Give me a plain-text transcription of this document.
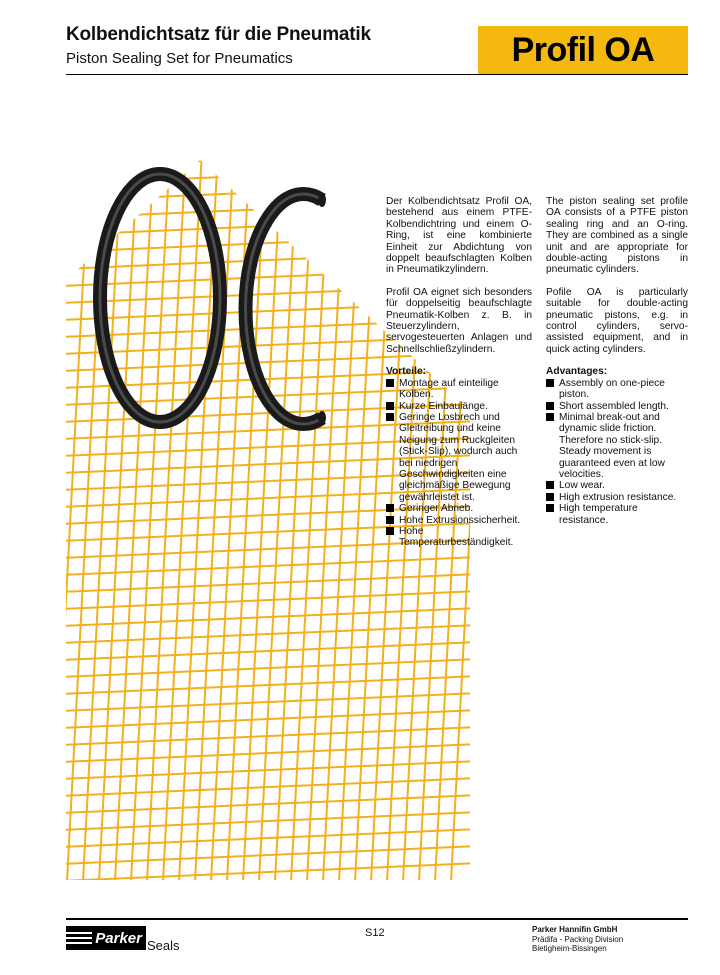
Kolbendichtsatz für die Pneumatik
Piston Sealing Set for Pneumatics	Profil OA

Der Kolbendichtsatz Profil OA, bestehend aus einem PTFE-Kolbendichtring und einem O-Ring, ist eine kombinierte Einheit zur Abdichtung von doppelt beaufschlagten Kolben in Pneumatikzylindern.

Profil OA eignet sich besonders für doppelseitig beaufschlagte Pneumatik-Kolben z. B. in Steuerzylindern, servogesteuerten Anlagen und Schnellschließzylindern.

Vorteile:
Montage auf einteilige Kolben.
Kurze Einbaulänge.
Geringe Losbrech und Gleitreibung und keine Neigung zum Ruckgleiten (Stick-Slip), wodurch auch bei niedrigen Geschwindigkeiten eine gleichmäßige Bewegung gewährleistet ist.
Geringer Abrieb.
Hohe Extrusionssicherheit.
Hohe Temperaturbeständigkeit.

The piston sealing set profile OA consists of a PTFE piston sealing ring and an O-ring. They are combined as a single unit and are appropriate for double-acting pistons in pneumatic cylinders.

Pofile OA is particularly suitable for double-acting pneumatic pistons, e.g. in control cylinders, servo-assisted equipment, and in quick acting cylinders.

Advantages:
Assembly on one-piece piston.
Short assembled length.
Minimal break-out and dynamic slide friction. Therefore no stick-slip. Steady movement is guaranteed even at low velocities.
Low wear.
High extrusion resistance.
High temperature resistance.
Parker Seals
S12	Parker Hannifin GmbH
Prädifa - Packing Division
Bietigheim-Bissingen
